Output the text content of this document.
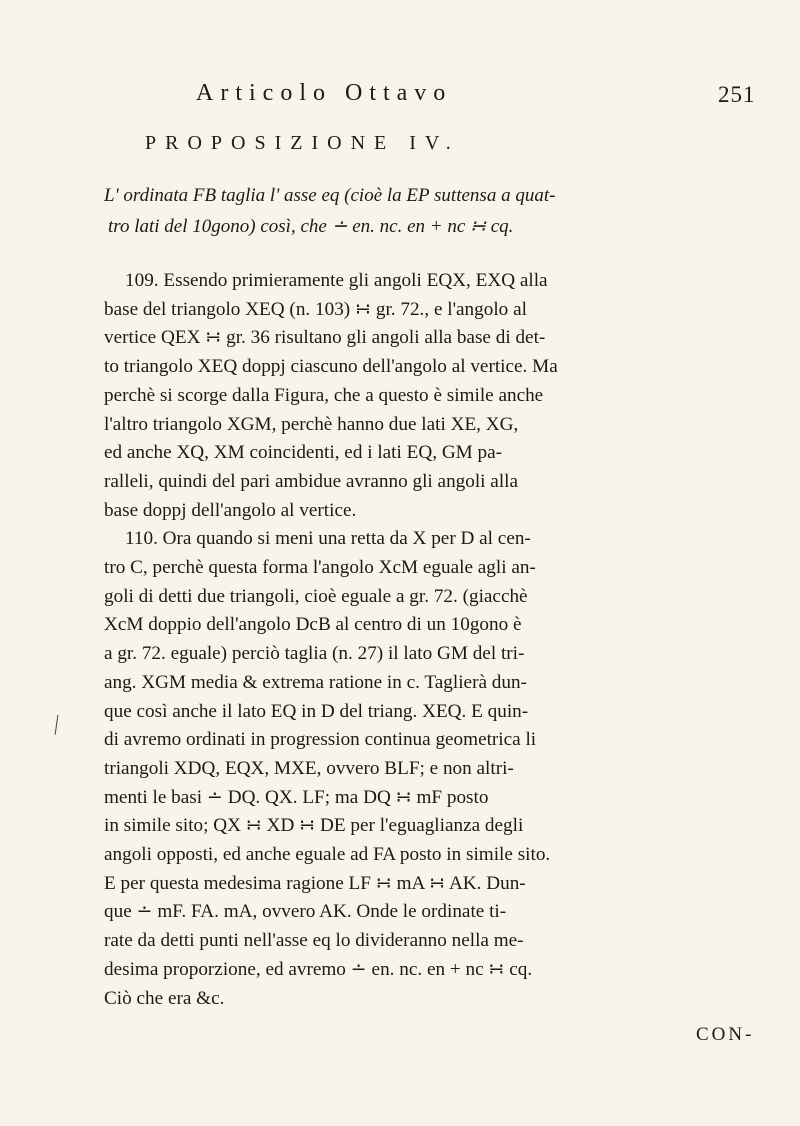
Articolo Ottavo	251
PROPOSIZIONE IV.
L' ordinata FB taglia l' asse eq (cioè la EP suttensa a quat-
tro lati del 10gono) così, che ∸ en. nc. en + nc ∺ cq.
109. Essendo primieramente gli angoli EQX, EXQ alla
base del triangolo XEQ (n. 103) ∺ gr. 72., e l'angolo al
vertice QEX ∺ gr. 36 risultano gli angoli alla base di det-
to triangolo XEQ doppj ciascuno dell'angolo al vertice. Ma
perchè si scorge dalla Figura, che a questo è simile anche
l'altro triangolo XGM, perchè hanno due lati XE, XG,
ed anche XQ, XM coincidenti, ed i lati EQ, GM pa-
ralleli, quindi del pari ambidue avranno gli angoli alla
base doppj dell'angolo al vertice.
110. Ora quando si meni una retta da X per D al cen-
tro C, perchè questa forma l'angolo XcM eguale agli an-
goli di detti due triangoli, cioè eguale a gr. 72. (giacchè
XcM doppio dell'angolo DcB al centro di un 10gono è
a gr. 72. eguale) perciò taglia (n. 27) il lato GM del tri-
ang. XGM media & extrema ratione in c. Taglierà dun-
que così anche il lato EQ in D del triang. XEQ. E quin-
di avremo ordinati in progression continua geometrica li
triangoli XDQ, EQX, MXE, ovvero BLF; e non altri-
menti le basi ∸ DQ. QX. LF; ma DQ ∺ mF posto
in simile sito; QX ∺ XD ∺ DE per l'eguaglianza degli
angoli opposti, ed anche eguale ad FA posto in simile sito.
E per questa medesima ragione LF ∺ mA ∺ AK. Dun-
que ∸ mF. FA. mA, ovvero AK. Onde le ordinate ti-
rate da detti punti nell'asse eq lo divideranno nella me-
desima proporzione, ed avremo ∸ en. nc. en + nc ∺ cq.
Ciò che era &c.
CON-
